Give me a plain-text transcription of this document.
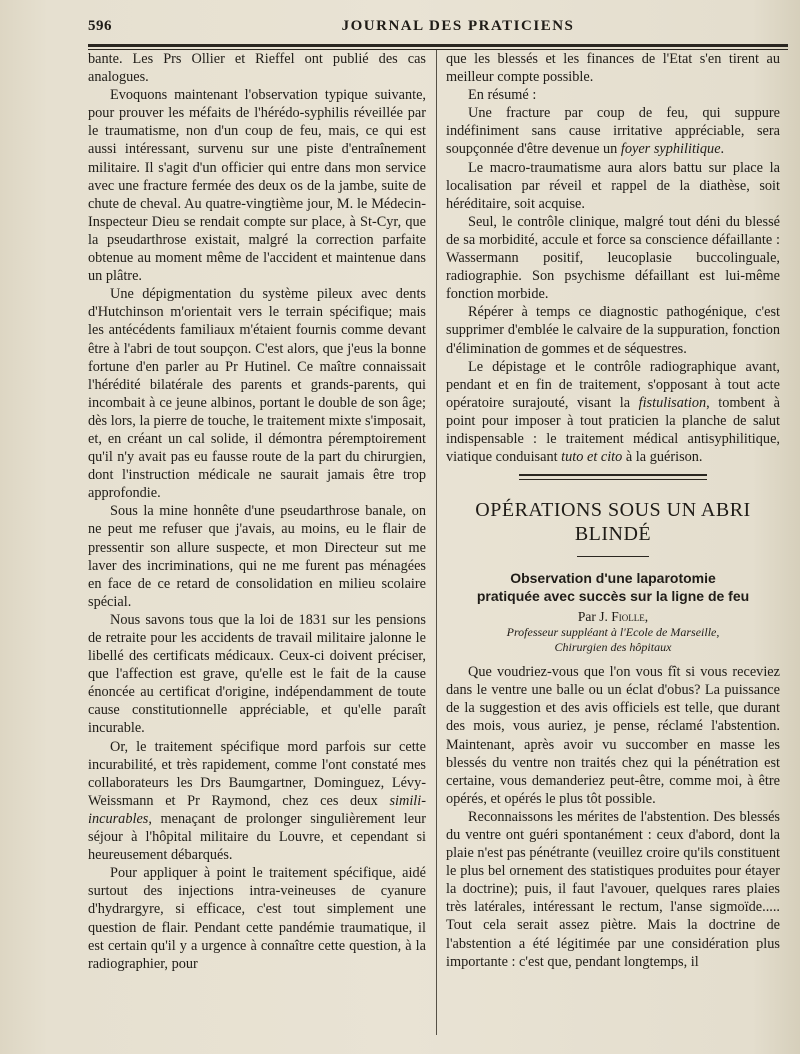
596	JOURNAL DES PRATICIENS

bante. Les Prs Ollier et Rieffel ont publié des cas analogues.

Evoquons maintenant l'observation typique suivante, pour prouver les méfaits de l'hérédo-syphilis réveillée par le traumatisme, non d'un coup de feu, mais, ce qui est aussi intéressant, survenu sur une piste d'entraînement militaire. Il s'agit d'un officier qui entre dans mon service avec une fracture fermée des deux os de la jambe, suite de chute de cheval. Au quatre-vingtième jour, M. le Médecin-Inspecteur Dieu se rendait compte sur place, à St-Cyr, que la pseudarthrose existait, malgré la correction parfaite obtenue au moment même de l'accident et maintenue dans un plâtre.

Une dépigmentation du système pileux avec dents d'Hutchinson m'orientait vers le terrain spécifique; mais les antécédents familiaux m'étaient fournis comme devant être à l'abri de tout soupçon. C'est alors, que j'eus la bonne fortune d'en parler au Pr Hutinel. Ce maître connaissait l'hérédité bilatérale des parents et grands-parents, qui incombait à ce jeune albinos, portant le double de son âge; dès lors, la pierre de touche, le traitement mixte s'imposait, et, en créant un cal solide, il démontra péremptoirement qu'il n'y avait pas eu fausse route de la part du chirurgien, dont l'instruction médicale ne saurait jamais être trop approfondie.

Sous la mine honnête d'une pseudarthrose banale, on ne peut me refuser que j'avais, au moins, eu le flair de pressentir son allure suspecte, et mon Directeur sut me laver des incriminations, qui ne me furent pas ménagées en face de ce retard de consolidation en milieu scolaire spécial.

Nous savons tous que la loi de 1831 sur les pensions de retraite pour les accidents de travail militaire jalonne le libellé des certificats médicaux. Ceux-ci doivent préciser, que l'affection est grave, qu'elle est le fait de la cause énoncée au certificat d'origine, indépendamment de toute cause constitutionnelle appréciable, et qu'elle paraît incurable.

Or, le traitement spécifique mord parfois sur cette incurabilité, et très rapidement, comme l'ont constaté mes collaborateurs les Drs Baumgartner, Dominguez, Lévy-Weissmann et Pr Raymond, chez ces deux simili-incurables, menaçant de prolonger singulièrement leur séjour à l'hôpital militaire du Louvre, et cependant si heureusement débarqués.

Pour appliquer à point le traitement spécifique, aidé surtout des injections intra-veineuses de cyanure d'hydrargyre, si efficace, c'est tout simplement une question de flair. Pendant cette pandémie traumatique, il est certain qu'il y a urgence à connaître cette question, à la radiographier, pour

que les blessés et les finances de l'Etat s'en tirent au meilleur compte possible.

En résumé :

Une fracture par coup de feu, qui suppure indéfiniment sans cause irritative appréciable, sera soupçonnée d'être devenue un foyer syphilitique.

Le macro-traumatisme aura alors battu sur place la localisation par réveil et rappel de la diathèse, soit héréditaire, soit acquise.

Seul, le contrôle clinique, malgré tout déni du blessé de sa morbidité, accule et force sa conscience défaillante : Wassermann positif, leucoplasie buccolinguale, radiographie. Son psychisme défaillant est lui-même fonction morbide.

Répérer à temps ce diagnostic pathogénique, c'est supprimer d'emblée le calvaire de la suppuration, fonction d'élimination de gommes et de séquestres.

Le dépistage et le contrôle radiographique avant, pendant et en fin de traitement, s'opposant à tout acte opératoire surajouté, visant la fistulisation, tombent à point pour imposer à tout praticien la planche de salut indispensable : le traitement médical antisyphilitique, viatique conduisant tuto et cito à la guérison.

OPÉRATIONS SOUS UN ABRI BLINDÉ
Observation d'une laparotomie
pratiquée avec succès sur la ligne de feu
Par J. Fiolle,
Professeur suppléant à l'Ecole de Marseille,
Chirurgien des hôpitaux

Que voudriez-vous que l'on vous fît si vous receviez dans le ventre une balle ou un éclat d'obus? La puissance de la suggestion et des avis officiels est telle, que durant des mois, vous auriez, je pense, réclamé l'abstention. Maintenant, après avoir vu succomber en masse les blessés du ventre non traités chez qui la pénétration est certaine, vous demanderiez peut-être, comme moi, à être opérés, et opérés le plus tôt possible.

Reconnaissons les mérites de l'abstention. Des blessés du ventre ont guéri spontanément : ceux d'abord, dont la plaie n'est pas pénétrante (veuillez croire qu'ils constituent le plus bel ornement des statistiques produites pour étayer la doctrine); puis, il faut l'avouer, quelques rares plaies très latérales, intéressant le rectum, l'anse sigmoïde..... Tout cela serait assez piètre. Mais la doctrine de l'abstention a été légitimée par une considération plus importante : c'est que, pendant longtemps, il
